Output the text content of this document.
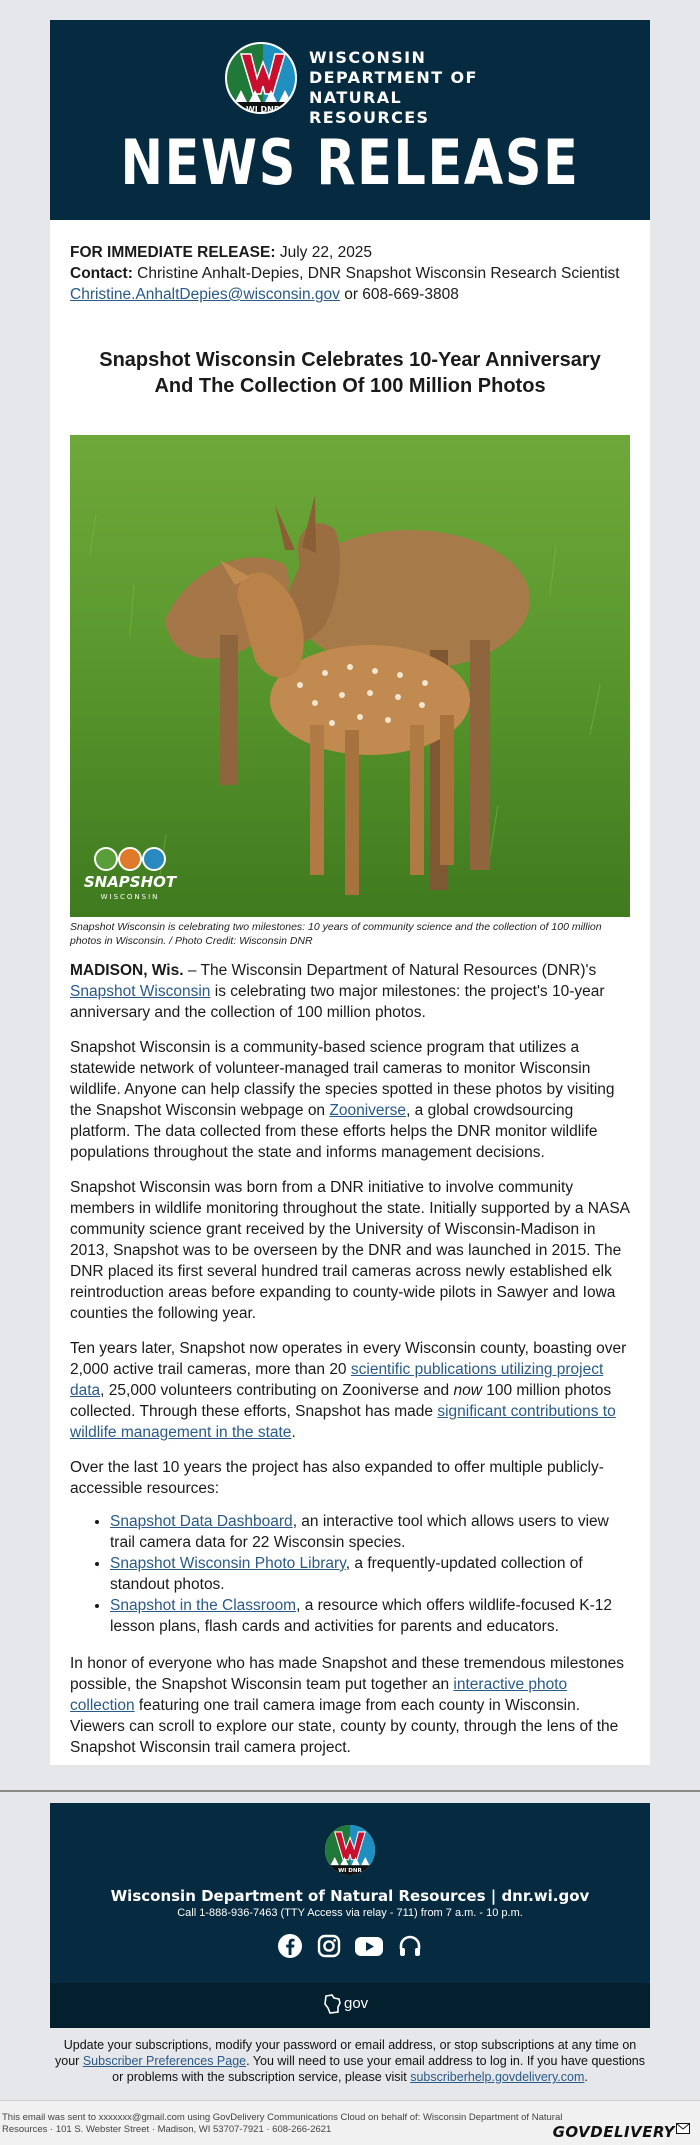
WI DNR
WISCONSIN
DEPARTMENT OF
NATURAL RESOURCES
NEWS RELEASE

FOR IMMEDIATE RELEASE: July 22, 2025

Contact: Christine Anhalt-Depies, DNR Snapshot Wisconsin Research Scientist

Christine.AnhaltDepies@wisconsin.gov or 608-669-3808

Snapshot Wisconsin Celebrates 10-Year Anniversary And The Collection Of 100 Million Photos
SNAPSHOT
WISCONSIN
Snapshot Wisconsin is celebrating two milestones: 10 years of community science and the collection of 100 million photos in Wisconsin. / Photo Credit: Wisconsin DNR

MADISON, Wis. – The Wisconsin Department of Natural Resources (DNR)'s Snapshot Wisconsin is celebrating two major milestones: the project's 10-year anniversary and the collection of 100 million photos.

Snapshot Wisconsin is a community-based science program that utilizes a statewide network of volunteer-managed trail cameras to monitor Wisconsin wildlife. Anyone can help classify the species spotted in these photos by visiting the Snapshot Wisconsin webpage on Zooniverse, a global crowdsourcing platform. The data collected from these efforts helps the DNR monitor wildlife populations throughout the state and informs management decisions.

Snapshot Wisconsin was born from a DNR initiative to involve community members in wildlife monitoring throughout the state. Initially supported by a NASA community science grant received by the University of Wisconsin-Madison in 2013, Snapshot was to be overseen by the DNR and was launched in 2015. The DNR placed its first several hundred trail cameras across newly established elk reintroduction areas before expanding to county-wide pilots in Sawyer and Iowa counties the following year.

Ten years later, Snapshot now operates in every Wisconsin county, boasting over 2,000 active trail cameras, more than 20 scientific publications utilizing project data, 25,000 volunteers contributing on Zooniverse and now 100 million photos collected. Through these efforts, Snapshot has made significant contributions to wildlife management in the state.

Over the last 10 years the project has also expanded to offer multiple publicly-accessible resources:

• Snapshot Data Dashboard, an interactive tool which allows users to view trail camera data for 22 Wisconsin species.
• Snapshot Wisconsin Photo Library, a frequently-updated collection of standout photos.
• Snapshot in the Classroom, a resource which offers wildlife-focused K-12 lesson plans, flash cards and activities for parents and educators.

In honor of everyone who has made Snapshot and these tremendous milestones possible, the Snapshot Wisconsin team put together an interactive photo collection featuring one trail camera image from each county in Wisconsin. Viewers can scroll to explore our state, county by county, through the lens of the Snapshot Wisconsin trail camera project.

WI DNR
Wisconsin Department of Natural Resources | dnr.wi.gov
Call 1-888-936-7463 (TTY Access via relay - 711) from 7 a.m. - 10 p.m.

gov
Update your subscriptions, modify your password or email address, or stop subscriptions at any time on your Subscriber Preferences Page. You will need to use your email address to log in. If you have questions or problems with the subscription service, please visit subscriberhelp.govdelivery.com.
This email was sent to xxxxxxx@gmail.com using GovDelivery Communications Cloud on behalf of: Wisconsin Department of Natural Resources · 101 S. Webster Street · Madison, WI 53707-7921 · 608-266-2621	GOVDELIVERY
